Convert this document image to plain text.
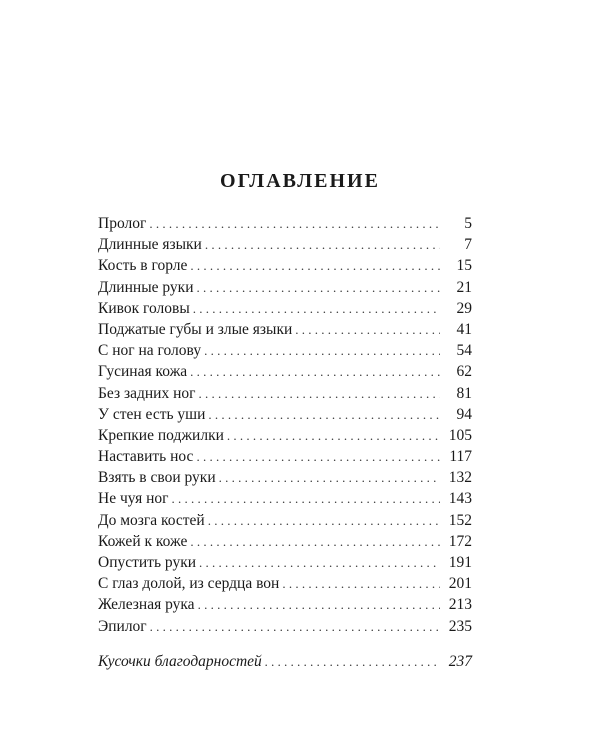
ОГЛАВЛЕНИЕ
Пролог . . .	5
Длинные языки . . .	7
Кость в горле . . .	15
Длинные руки . . .	21
Кивок головы . . .	29
Поджатые губы и злые языки . . .	41
С ног на голову . . .	54
Гусиная кожа . . .	62
Без задних ног . . .	81
У стен есть уши . . .	94
Крепкие поджилки . . .	105
Наставить нос . . .	117
Взять в свои руки . . .	132
Не чуя ног . . .	143
До мозга костей . . .	152
Кожей к коже . . .	172
Опустить руки . . .	191
С глаз долой, из сердца вон . . .	201
Железная рука . . .	213
Эпилог . . .	235
Кусочки благодарностей . . .	237
